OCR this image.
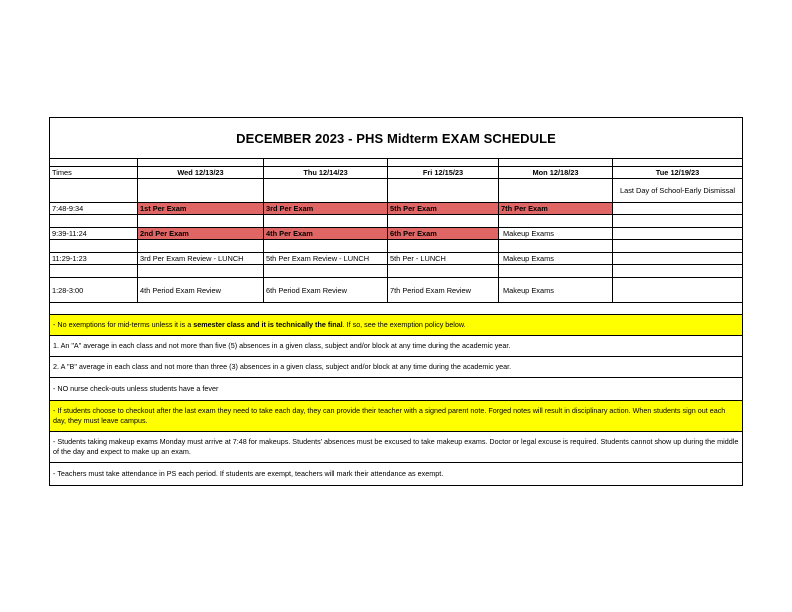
DECEMBER 2023 - PHS Midterm EXAM SCHEDULE					

Times	Wed 12/13/23	Thu 12/14/23	Fri 12/15/23	Mon 12/18/23	Tue 12/19/23
					Last Day of School-Early Dismissal
7:48-9:34	1st Per Exam	3rd Per Exam	5th Per Exam	7th Per Exam	

9:39-11:24	2nd Per Exam	4th Per Exam	6th Per Exam	Makeup Exams	

11:29-1:23	3rd Per Exam Review - LUNCH	5th Per Exam Review - LUNCH	5th Per - LUNCH	Makeup Exams	

1:28-3:00	4th Period Exam Review	6th Period Exam Review	7th Period Exam Review	Makeup Exams	

- No exemptions for mid-terms unless it is a semester class and it is technically the final. If so, see the exemption policy below.					
1. An "A" average in each class and not more than five (5) absences in a given class, subject and/or block at any time during the academic year.					
2. A "B" average in each class and not more than three (3) absences in a given class, subject and/or block at any time during the academic year.					
- NO nurse check-outs unless students have a fever					
- If students choose to checkout after the last exam they need to take each day, they can provide their teacher with a signed parent note. Forged notes will result in disciplinary action. When students sign out each day, they must leave campus.					
- Students taking makeup exams Monday must arrive at 7:48 for makeups. Students' absences must be excused to take makeup exams. Doctor or legal excuse is required. Students cannot show up during the middle of the day and expect to make up an exam.					
- Teachers must take attendance in PS each period. If students are exempt, teachers will mark their attendance as exempt.					
